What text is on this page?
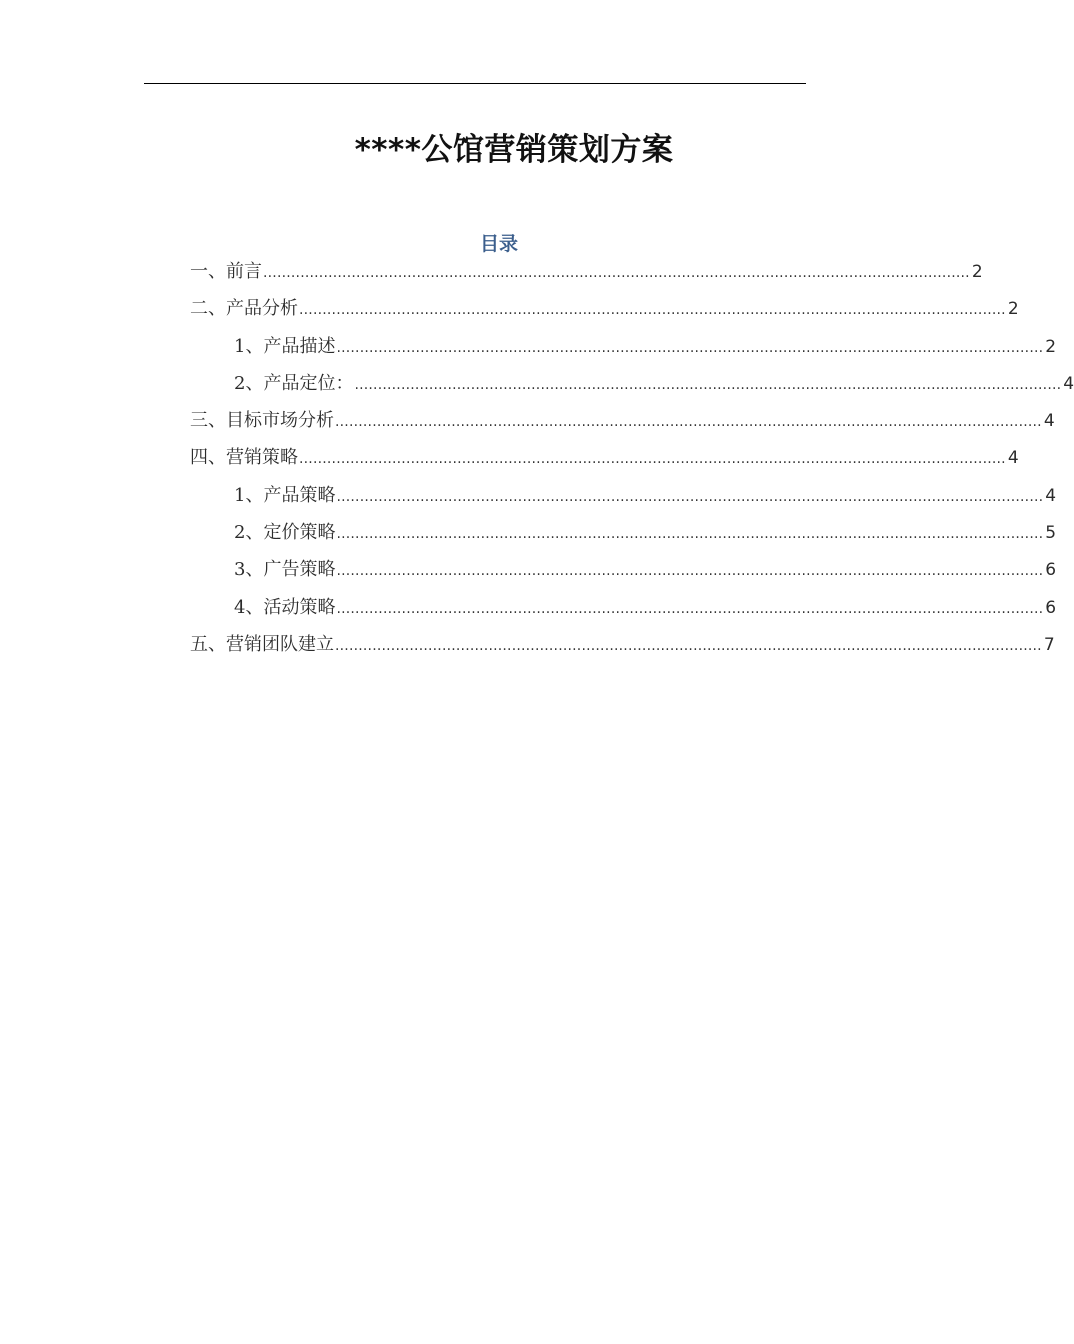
****公馆营销策划方案
目录
一、前言 ........................................................................................................................................................ 2
二、产品分析 ........................................................................................................................................................ 2
1、产品描述 ........................................................................................................................................................ 2
2、产品定位： ........................................................................................................................................................ 4
三、目标市场分析 ........................................................................................................................................................ 4
四、营销策略 ........................................................................................................................................................ 4
1、产品策略 ........................................................................................................................................................ 4
2、定价策略 ........................................................................................................................................................ 5
3、广告策略 ........................................................................................................................................................ 6
4、活动策略 ........................................................................................................................................................ 6
五、营销团队建立 ........................................................................................................................................................ 7
